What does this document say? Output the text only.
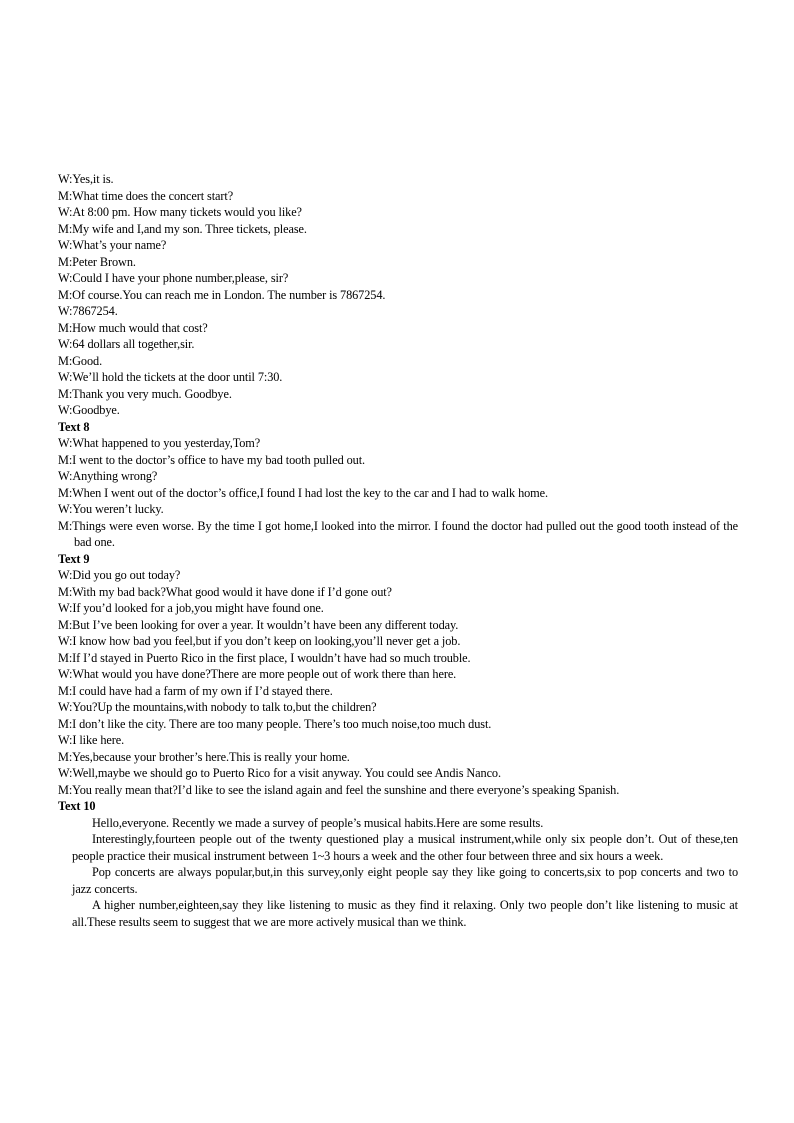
W:Yes,it is.
M:What time does the concert start?
W:At 8:00 pm. How many tickets would you like?
M:My wife and I,and my son. Three tickets, please.
W:What’s your name?
M:Peter Brown.
W:Could I have your phone number,please, sir?
M:Of course.You can reach me in London. The number is 7867254.
W:7867254.
M:How much would that cost?
W:64 dollars all together,sir.
M:Good.
W:We’ll hold the tickets at the door until 7:30.
M:Thank you very much. Goodbye.
W:Goodbye.
Text 8
W:What happened to you yesterday,Tom?
M:I went to the doctor’s office to have my bad tooth pulled out.
W:Anything wrong?
M:When I went out of the doctor’s office,I found I had lost the key to the car and I had to walk home.
W:You weren’t lucky.
M:Things were even worse. By the time I got home,I looked into the mirror. I found the doctor had pulled out the good tooth instead of the bad one.
Text 9
W:Did you go out today?
M:With my bad back?What good would it have done if I’d gone out?
W:If you’d looked for a job,you might have found one.
M:But I’ve been looking for over a year. It wouldn’t have been any different today.
W:I know how bad you feel,but if you don’t keep on looking,you’ll never get a job.
M:If I’d stayed in Puerto Rico in the first place, I wouldn’t have had so much trouble.
W:What would you have done?There are more people out of work there than here.
M:I could have had a farm of my own if I’d stayed there.
W:You?Up the mountains,with nobody to talk to,but the children?
M:I don’t like the city. There are too many people. There’s too much noise,too much dust.
W:I like here.
M:Yes,because your brother’s here.This is really your home.
W:Well,maybe we should go to Puerto Rico for a visit anyway. You could see Andis Nanco.
M:You really mean that?I’d like to see the island again and feel the sunshine and there everyone’s speaking Spanish.
Text 10
Hello,everyone. Recently we made a survey of people’s musical habits.Here are some results.
Interestingly,fourteen people out of the twenty questioned play a musical instrument,while only six people don’t. Out of these,ten people practice their musical instrument between 1~3 hours a week and the other four between three and six hours a week.
Pop concerts are always popular,but,in this survey,only eight people say they like going to concerts,six to pop concerts and two to jazz concerts.
A higher number,eighteen,say they like listening to music as they find it relaxing. Only two people don’t like listening to music at all.These results seem to suggest that we are more actively musical than we think.
